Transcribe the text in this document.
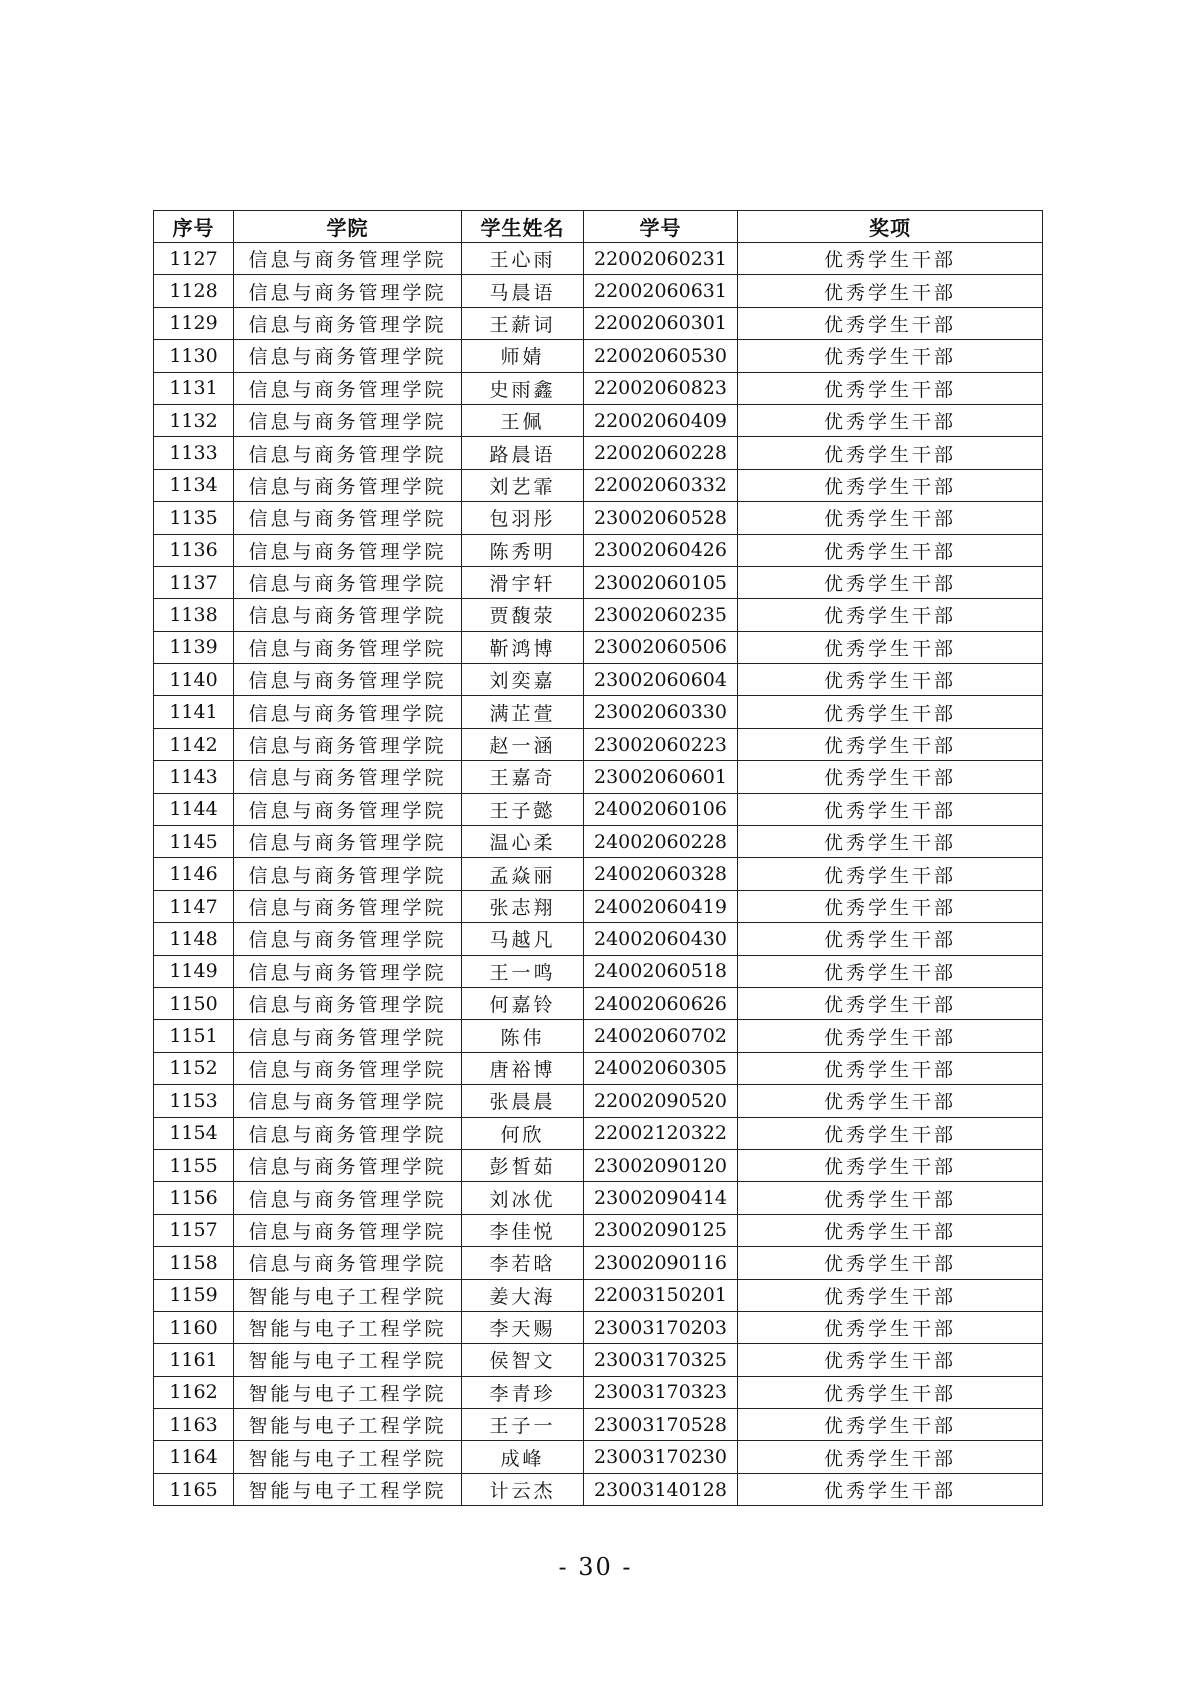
序号	学院	学生姓名	学号	奖项
1127	信息与商务管理学院	王心雨	22002060231	优秀学生干部
1128	信息与商务管理学院	马晨语	22002060631	优秀学生干部
1129	信息与商务管理学院	王薪词	22002060301	优秀学生干部
1130	信息与商务管理学院	师婧	22002060530	优秀学生干部
1131	信息与商务管理学院	史雨鑫	22002060823	优秀学生干部
1132	信息与商务管理学院	王佩	22002060409	优秀学生干部
1133	信息与商务管理学院	路晨语	22002060228	优秀学生干部
1134	信息与商务管理学院	刘艺霏	22002060332	优秀学生干部
1135	信息与商务管理学院	包羽彤	23002060528	优秀学生干部
1136	信息与商务管理学院	陈秀明	23002060426	优秀学生干部
1137	信息与商务管理学院	滑宇轩	23002060105	优秀学生干部
1138	信息与商务管理学院	贾馥荥	23002060235	优秀学生干部
1139	信息与商务管理学院	靳鸿博	23002060506	优秀学生干部
1140	信息与商务管理学院	刘奕嘉	23002060604	优秀学生干部
1141	信息与商务管理学院	满芷萱	23002060330	优秀学生干部
1142	信息与商务管理学院	赵一涵	23002060223	优秀学生干部
1143	信息与商务管理学院	王嘉奇	23002060601	优秀学生干部
1144	信息与商务管理学院	王子懿	24002060106	优秀学生干部
1145	信息与商务管理学院	温心柔	24002060228	优秀学生干部
1146	信息与商务管理学院	孟焱丽	24002060328	优秀学生干部
1147	信息与商务管理学院	张志翔	24002060419	优秀学生干部
1148	信息与商务管理学院	马越凡	24002060430	优秀学生干部
1149	信息与商务管理学院	王一鸣	24002060518	优秀学生干部
1150	信息与商务管理学院	何嘉铃	24002060626	优秀学生干部
1151	信息与商务管理学院	陈伟	24002060702	优秀学生干部
1152	信息与商务管理学院	唐裕博	24002060305	优秀学生干部
1153	信息与商务管理学院	张晨晨	22002090520	优秀学生干部
1154	信息与商务管理学院	何欣	22002120322	优秀学生干部
1155	信息与商务管理学院	彭皙茹	23002090120	优秀学生干部
1156	信息与商务管理学院	刘冰优	23002090414	优秀学生干部
1157	信息与商务管理学院	李佳悦	23002090125	优秀学生干部
1158	信息与商务管理学院	李若晗	23002090116	优秀学生干部
1159	智能与电子工程学院	姜大海	22003150201	优秀学生干部
1160	智能与电子工程学院	李天赐	23003170203	优秀学生干部
1161	智能与电子工程学院	侯智文	23003170325	优秀学生干部
1162	智能与电子工程学院	李青珍	23003170323	优秀学生干部
1163	智能与电子工程学院	王子一	23003170528	优秀学生干部
1164	智能与电子工程学院	成峰	23003170230	优秀学生干部
1165	智能与电子工程学院	计云杰	23003140128	优秀学生干部
- 30 -
